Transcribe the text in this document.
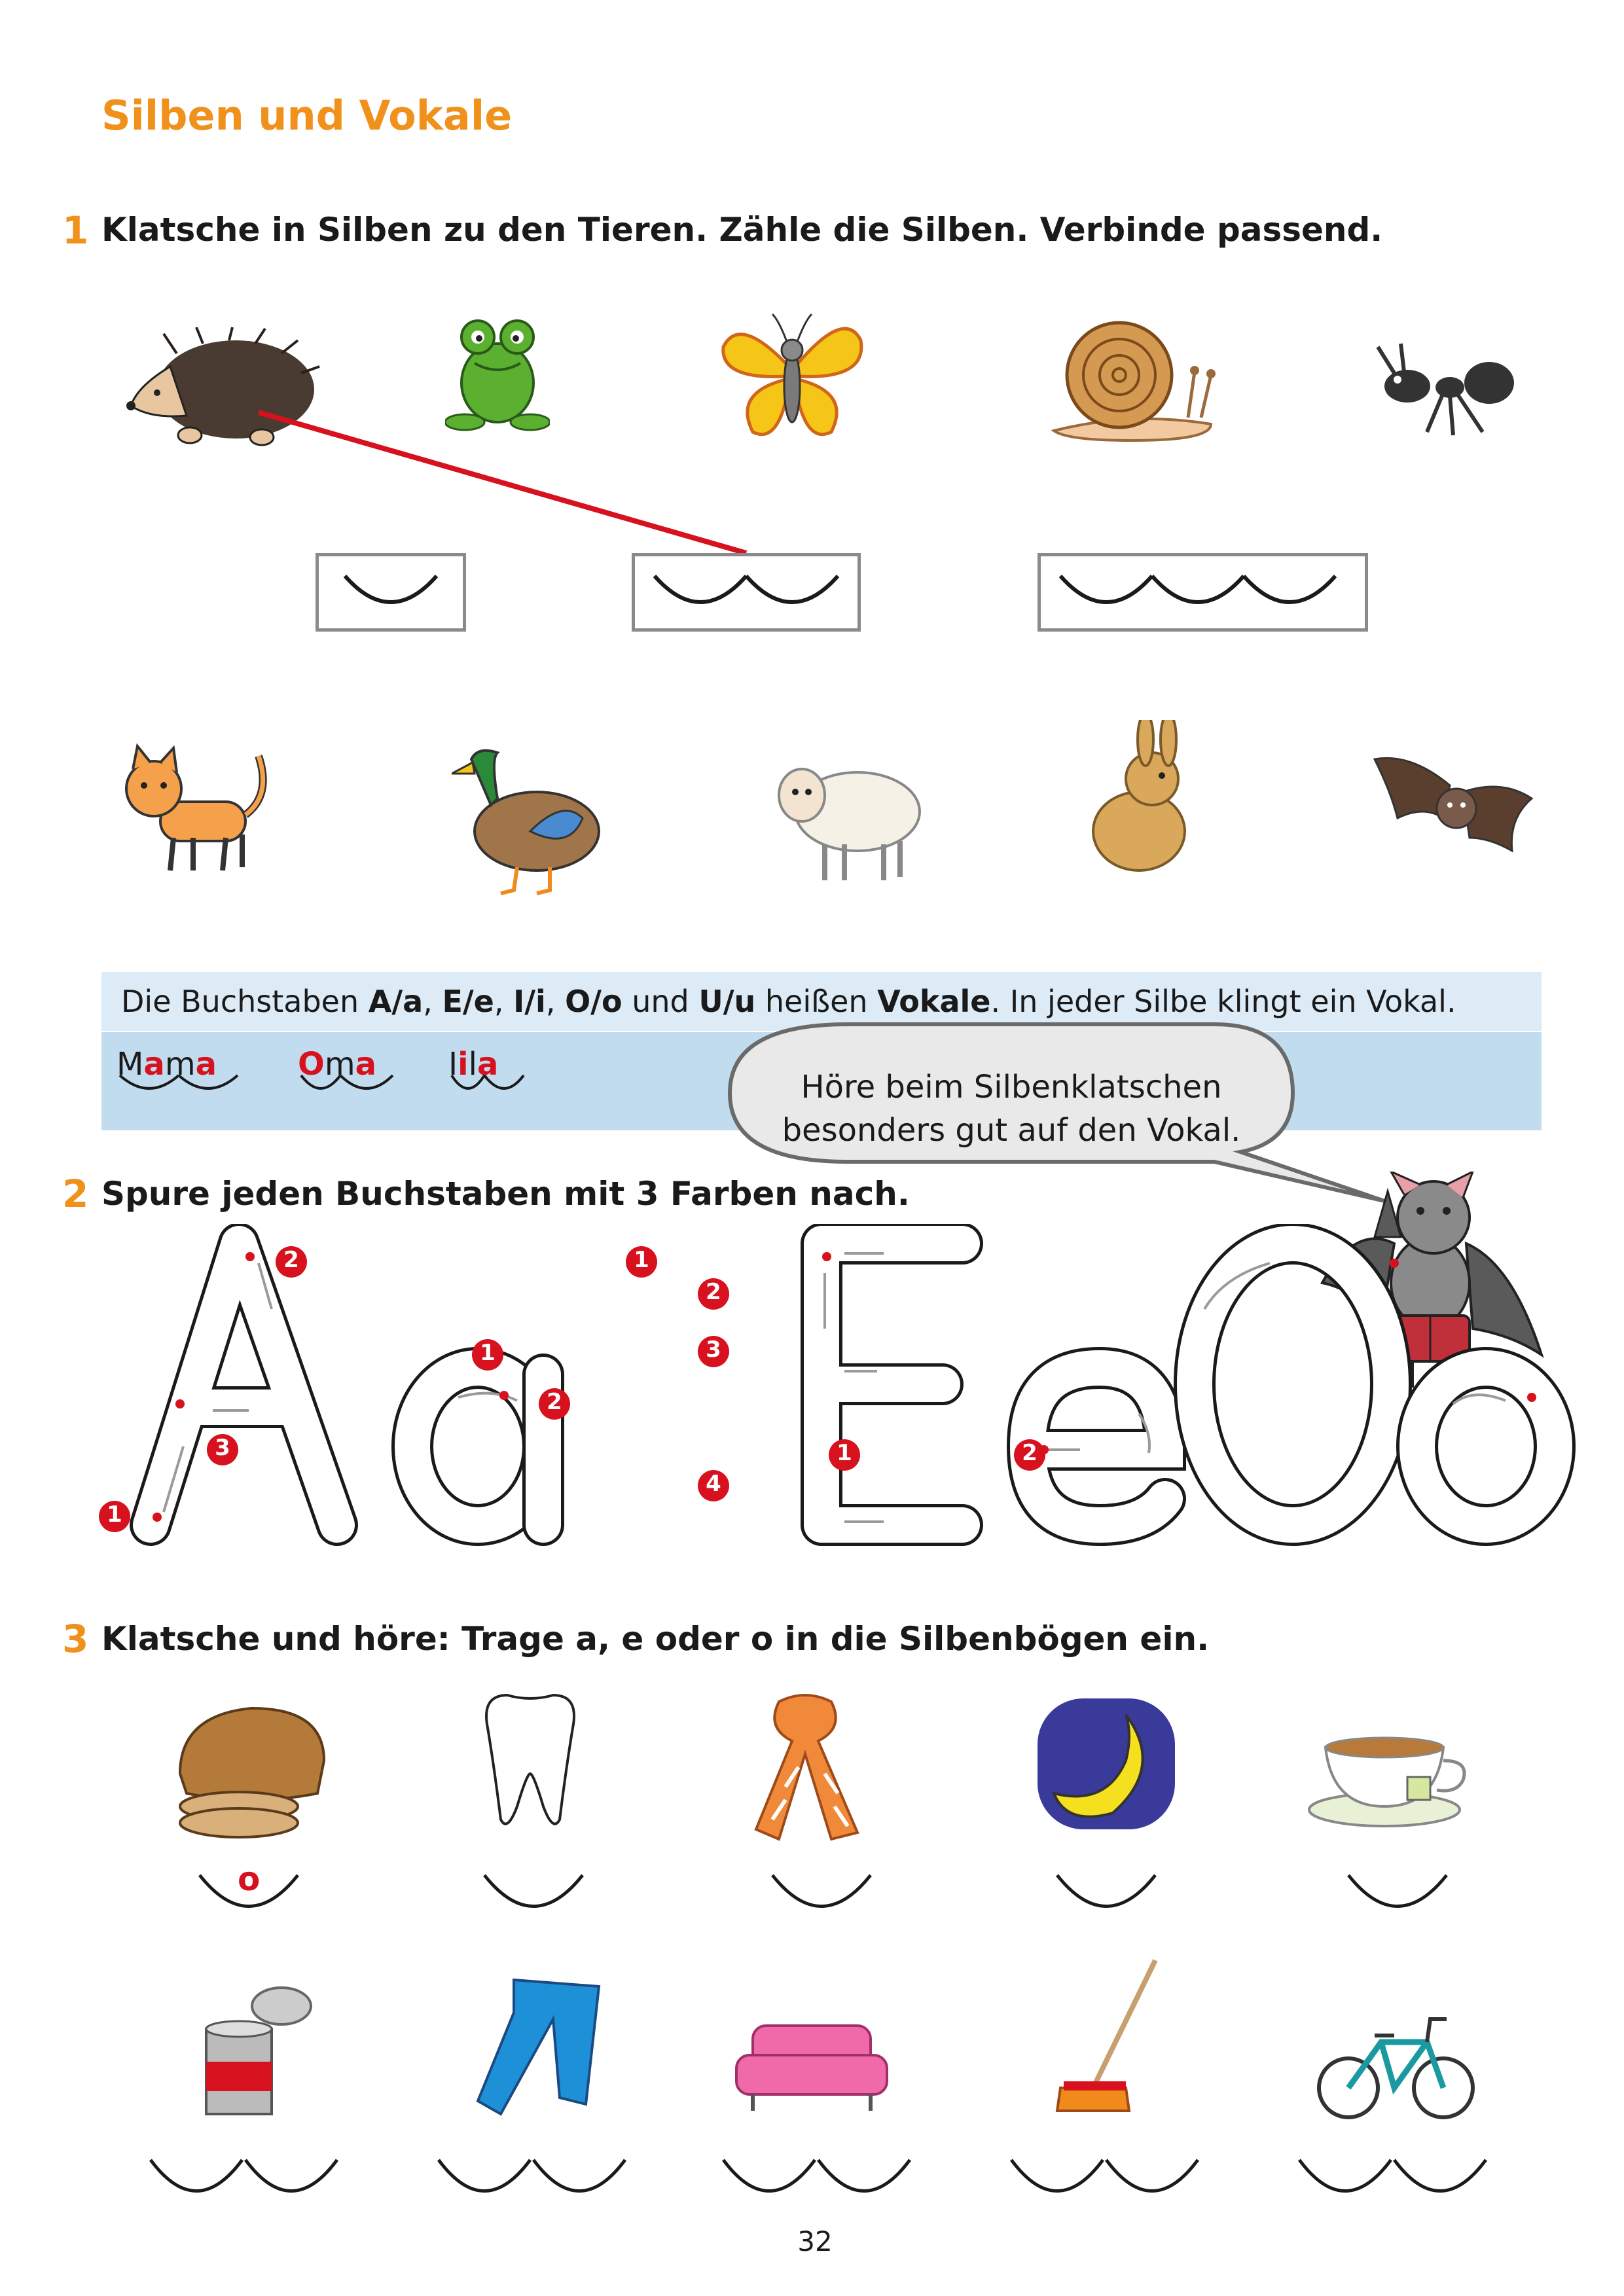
Silben und Vokale
1 Klatsche in Silben zu den Tieren. Zähle die Silben. Verbinde passend.
Die Buchstaben A/a, E/e, I/i, O/o und U/u heißen Vokale. In jeder Silbe klingt ein Vokal.
Mama	Oma Iila
Höre beim Silbenklatschen
besonders gut auf den Vokal.
2 Spure jeden Buchstaben mit 3 Farben nach.
1
2
3
1
2
1
2
3
4
1	2
3 Klatsche und höre: Trage a, e oder o in die Silbenbögen ein.
o
32
